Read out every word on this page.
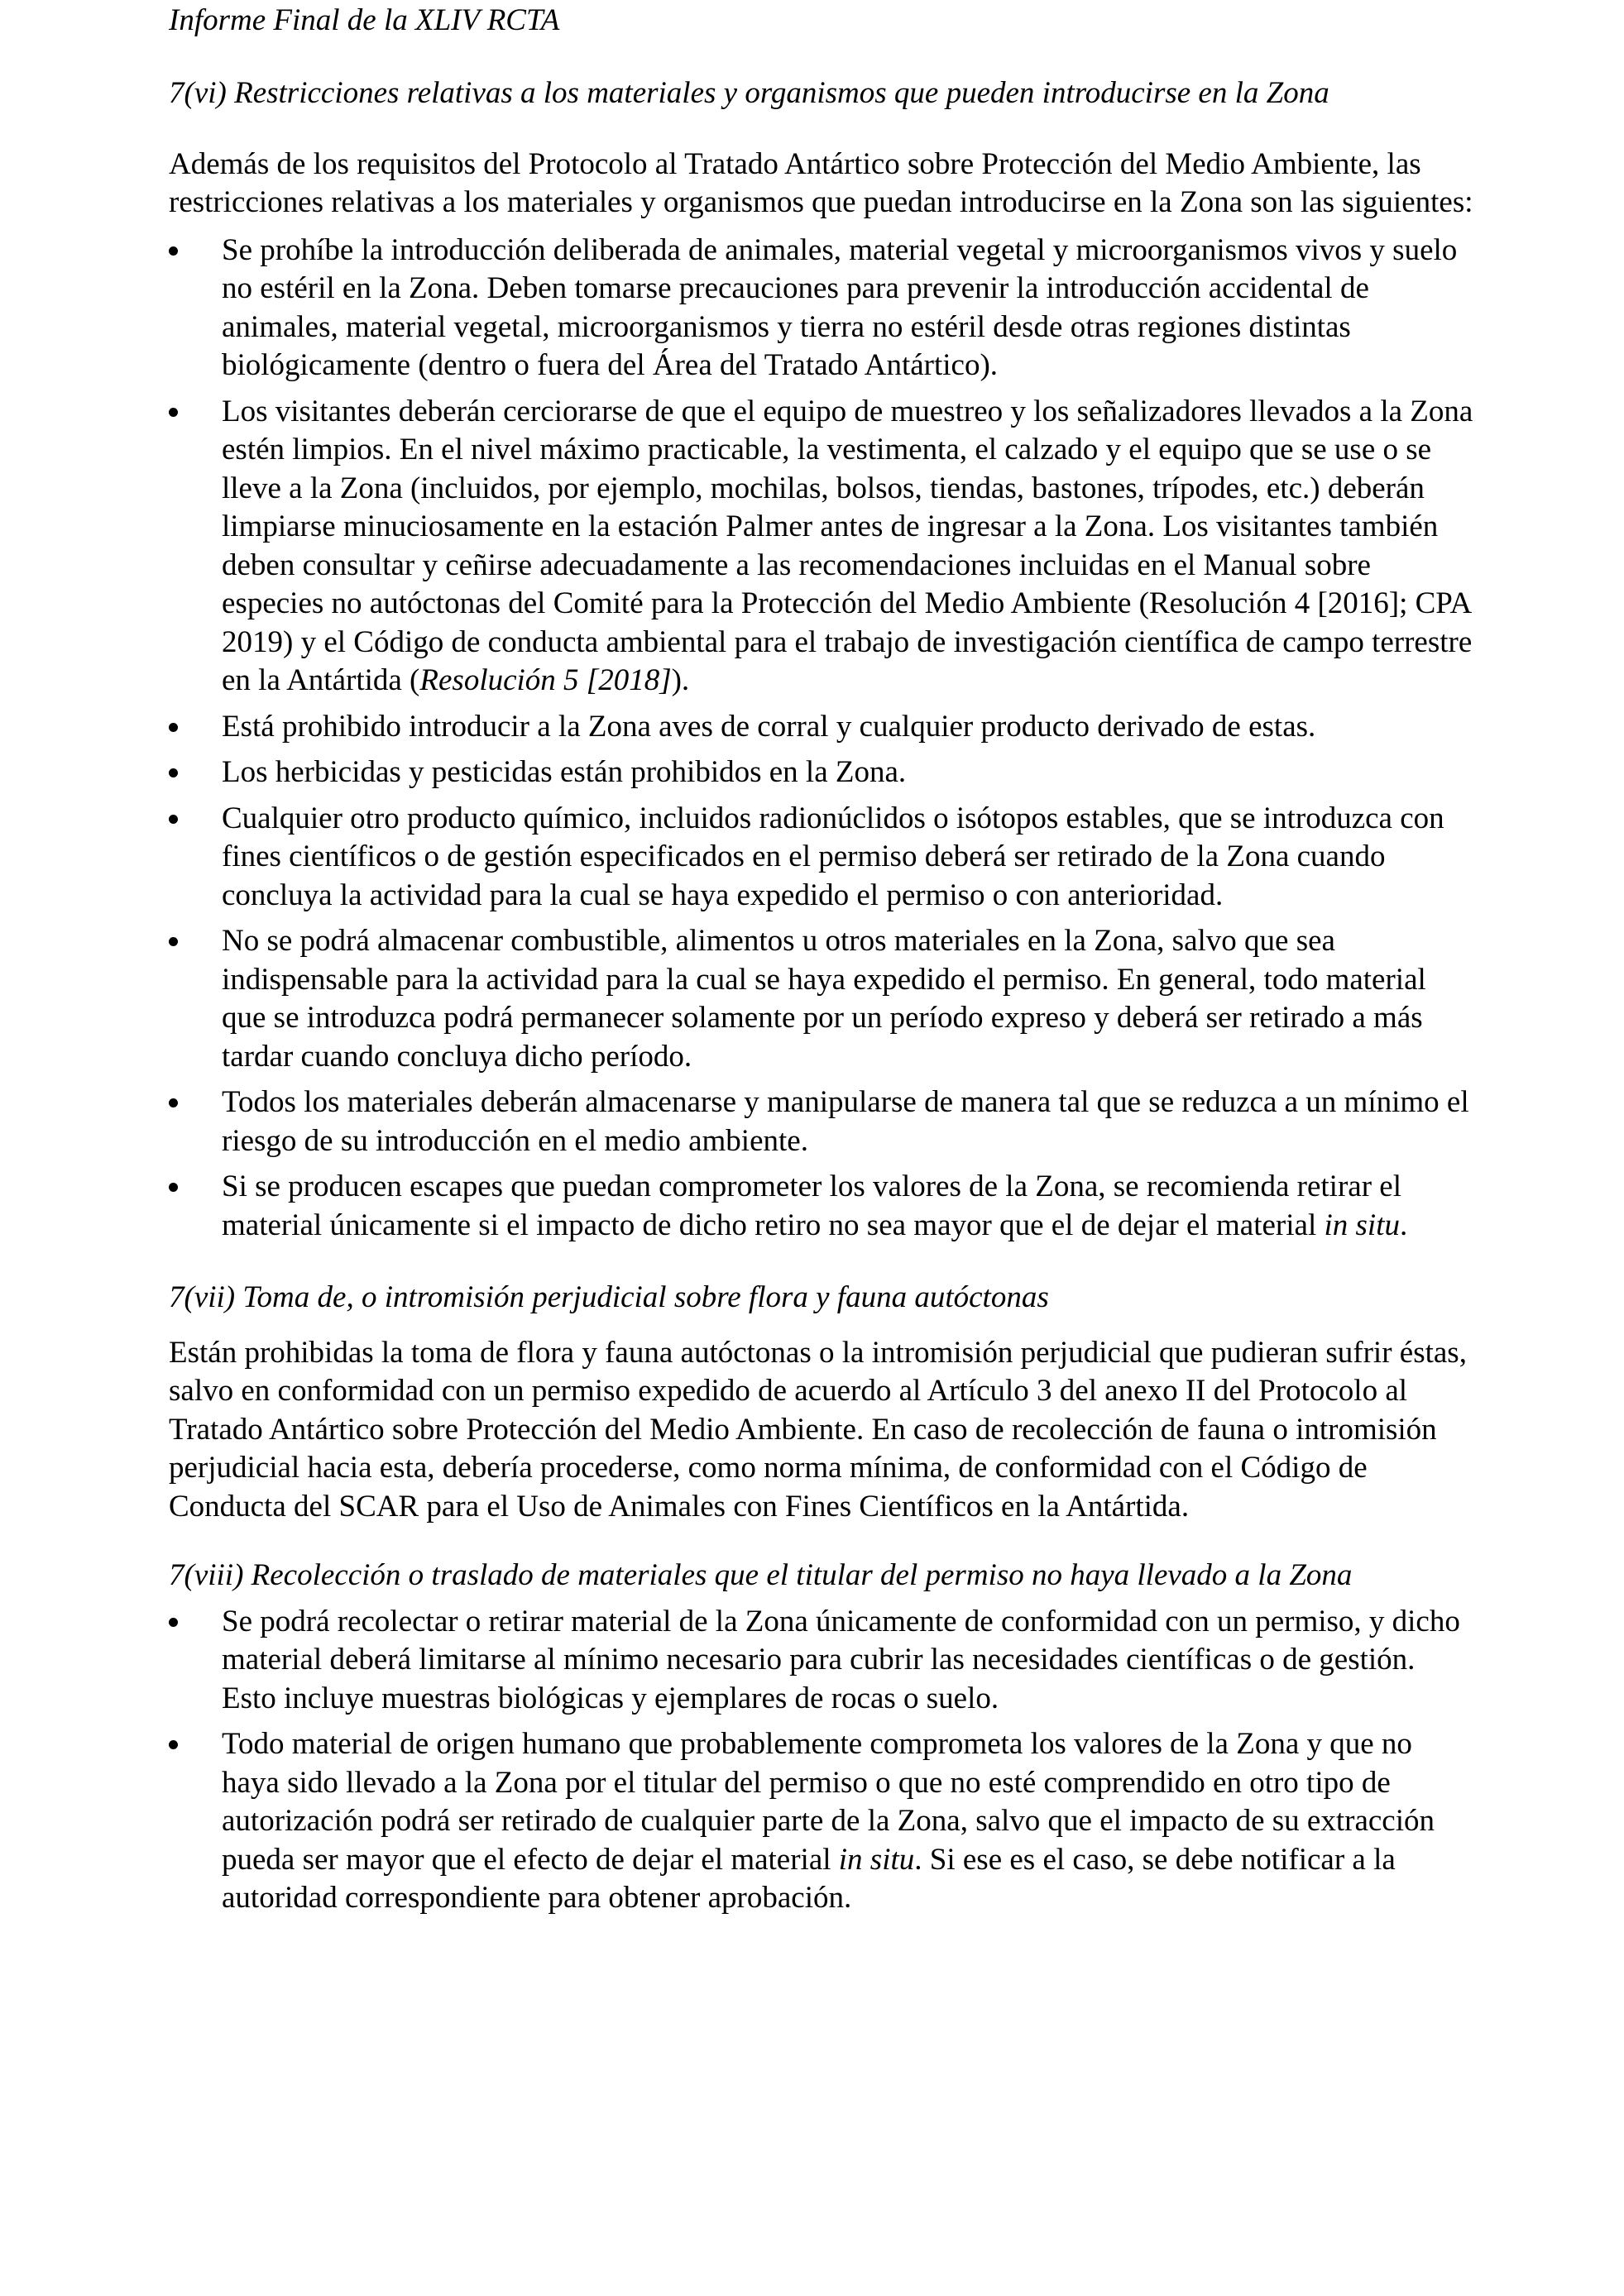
Informe Final de la XLIV RCTA

7(vi) Restricciones relativas a los materiales y organismos que pueden introducirse en la Zona

Además de los requisitos del Protocolo al Tratado Antártico sobre Protección del Medio Ambiente, las restricciones relativas a los materiales y organismos que puedan introducirse en la Zona son las siguientes:

Se prohíbe la introducción deliberada de animales, material vegetal y microorganismos vivos y suelo no estéril en la Zona. Deben tomarse precauciones para prevenir la introducción accidental de animales, material vegetal, microorganismos y tierra no estéril desde otras regiones distintas biológicamente (dentro o fuera del Área del Tratado Antártico).
Los visitantes deberán cerciorarse de que el equipo de muestreo y los señalizadores llevados a la Zona estén limpios. En el nivel máximo practicable, la vestimenta, el calzado y el equipo que se use o se lleve a la Zona (incluidos, por ejemplo, mochilas, bolsos, tiendas, bastones, trípodes, etc.) deberán limpiarse minuciosamente en la estación Palmer antes de ingresar a la Zona. Los visitantes también deben consultar y ceñirse adecuadamente a las recomendaciones incluidas en el Manual sobre especies no autóctonas del Comité para la Protección del Medio Ambiente (Resolución 4 [2016]; CPA 2019) y el Código de conducta ambiental para el trabajo de investigación científica de campo terrestre en la Antártida (Resolución 5 [2018]).
Está prohibido introducir a la Zona aves de corral y cualquier producto derivado de estas.
Los herbicidas y pesticidas están prohibidos en la Zona.
Cualquier otro producto químico, incluidos radionúclidos o isótopos estables, que se introduzca con fines científicos o de gestión especificados en el permiso deberá ser retirado de la Zona cuando concluya la actividad para la cual se haya expedido el permiso o con anterioridad.
No se podrá almacenar combustible, alimentos u otros materiales en la Zona, salvo que sea indispensable para la actividad para la cual se haya expedido el permiso. En general, todo material que se introduzca podrá permanecer solamente por un período expreso y deberá ser retirado a más tardar cuando concluya dicho período.
Todos los materiales deberán almacenarse y manipularse de manera tal que se reduzca a un mínimo el riesgo de su introducción en el medio ambiente.
Si se producen escapes que puedan comprometer los valores de la Zona, se recomienda retirar el material únicamente si el impacto de dicho retiro no sea mayor que el de dejar el material in situ.

7(vii) Toma de, o intromisión perjudicial sobre flora y fauna autóctonas

Están prohibidas la toma de flora y fauna autóctonas o la intromisión perjudicial que pudieran sufrir éstas, salvo en conformidad con un permiso expedido de acuerdo al Artículo 3 del anexo II del Protocolo al Tratado Antártico sobre Protección del Medio Ambiente. En caso de recolección de fauna o intromisión perjudicial hacia esta, debería procederse, como norma mínima, de conformidad con el Código de Conducta del SCAR para el Uso de Animales con Fines Científicos en la Antártida.

7(viii) Recolección o traslado de materiales que el titular del permiso no haya llevado a la Zona

Se podrá recolectar o retirar material de la Zona únicamente de conformidad con un permiso, y dicho material deberá limitarse al mínimo necesario para cubrir las necesidades científicas o de gestión. Esto incluye muestras biológicas y ejemplares de rocas o suelo.
Todo material de origen humano que probablemente comprometa los valores de la Zona y que no haya sido llevado a la Zona por el titular del permiso o que no esté comprendido en otro tipo de autorización podrá ser retirado de cualquier parte de la Zona, salvo que el impacto de su extracción pueda ser mayor que el efecto de dejar el material in situ. Si ese es el caso, se debe notificar a la autoridad correspondiente para obtener aprobación.
